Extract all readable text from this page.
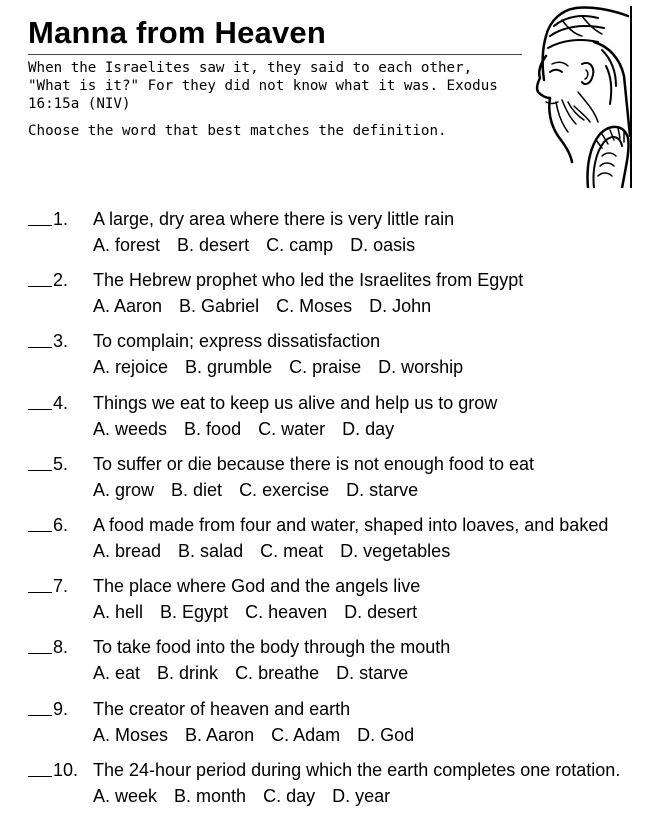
Manna from Heaven
When the Israelites saw it, they said to each other, "What is it?" For they did not know what it was. Exodus 16:15a (NIV)
Choose the word that best matches the definition.
1. A large, dry area where there is very little rain
A. forest B. desert C. camp D. oasis
2. The Hebrew prophet who led the Israelites from Egypt
A. Aaron B. Gabriel C. Moses D. John
3. To complain; express dissatisfaction
A. rejoice B. grumble C. praise D. worship
4. Things we eat to keep us alive and help us to grow
A. weeds B. food C. water D. day
5. To suffer or die because there is not enough food to eat
A. grow B. diet C. exercise D. starve
6. A food made from four and water, shaped into loaves, and baked
A. bread B. salad C. meat D. vegetables
7. The place where God and the angels live
A. hell B. Egypt C. heaven D. desert
8. To take food into the body through the mouth
A. eat B. drink C. breathe D. starve
9. The creator of heaven and earth
A. Moses B. Aaron C. Adam D. God
10. The 24-hour period during which the earth completes one rotation.
A. week B. month C. day D. year
